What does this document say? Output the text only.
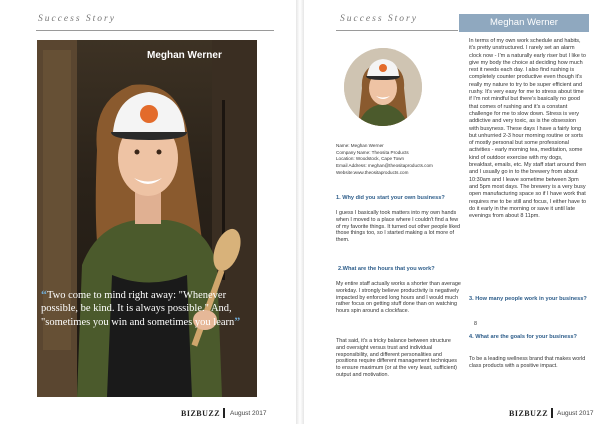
Success Story
Meghan Werner
“Two come to mind right away: "Whenever possible, be kind. It is always possible." And, "sometimes you win and sometimes you learn”
BIZBUZZ August 2017
Success Story	Meghan Werner
Name: Meghan Werner
Company Name: Theosita Products
Location: Woodstock, Cape Town
Email Address: meghan@theositaproducts.com
Website:www.theositaproducts.com
1. Why did you start your own business?
I guess I basically took matters into my own hands when I moved to a place where I couldn't find a few of my favorite things. It turned out other people liked those things too, so I started making a lot more of them.
2.What are the hours that you work?
My entire staff actually works a shorter than average workday. I strongly believe productivity is negatively impacted by enforced long hours and I would much rather focus on getting stuff done than on watching hours spin around a clockface.
That said, it's a tricky balance between structure and oversight versus trust and individual responsibility, and different personalities and positions require different management techniques to ensure maximum (or at the very least, sufficient) output and motivation.
In terms of my own work schedule and habits, it's pretty unstructured. I rarely set an alarm clock now - I'm a naturally early riser but I like to give my body the choice at deciding how much rest it needs each day. I also find rushing is completely counter productive even though it's really my nature to try to be super efficient and rushy. It's very easy for me to stress about time if I'm not mindful but there's basically no good that comes of rushing and it's a constant challenge for me to slow down. Stress is very addictive and very toxic, as is the obsession with busyness. These days I have a fairly long but unhurried 2-3 hour morning routine or sorts of mostly personal but some professional activities - early morning tea, meditation, some kind of outdoor exercise with my dogs, breakfast, emails, etc. My staff start around then and I usually go in to the brewery from about 10:30am and I leave sometime between 3pm and 5pm most days. The brewery is a very busy open manufacturing space so if I have work that requires me to be still and focus, I either have to do it early in the morning or save it until late evenings from about 8 11pm.
3. How many people work in your business?
8
4. What are the goals for your business?
To be a leading wellness brand that makes world class products with a positive impact.
BIZBUZZ August 2017
